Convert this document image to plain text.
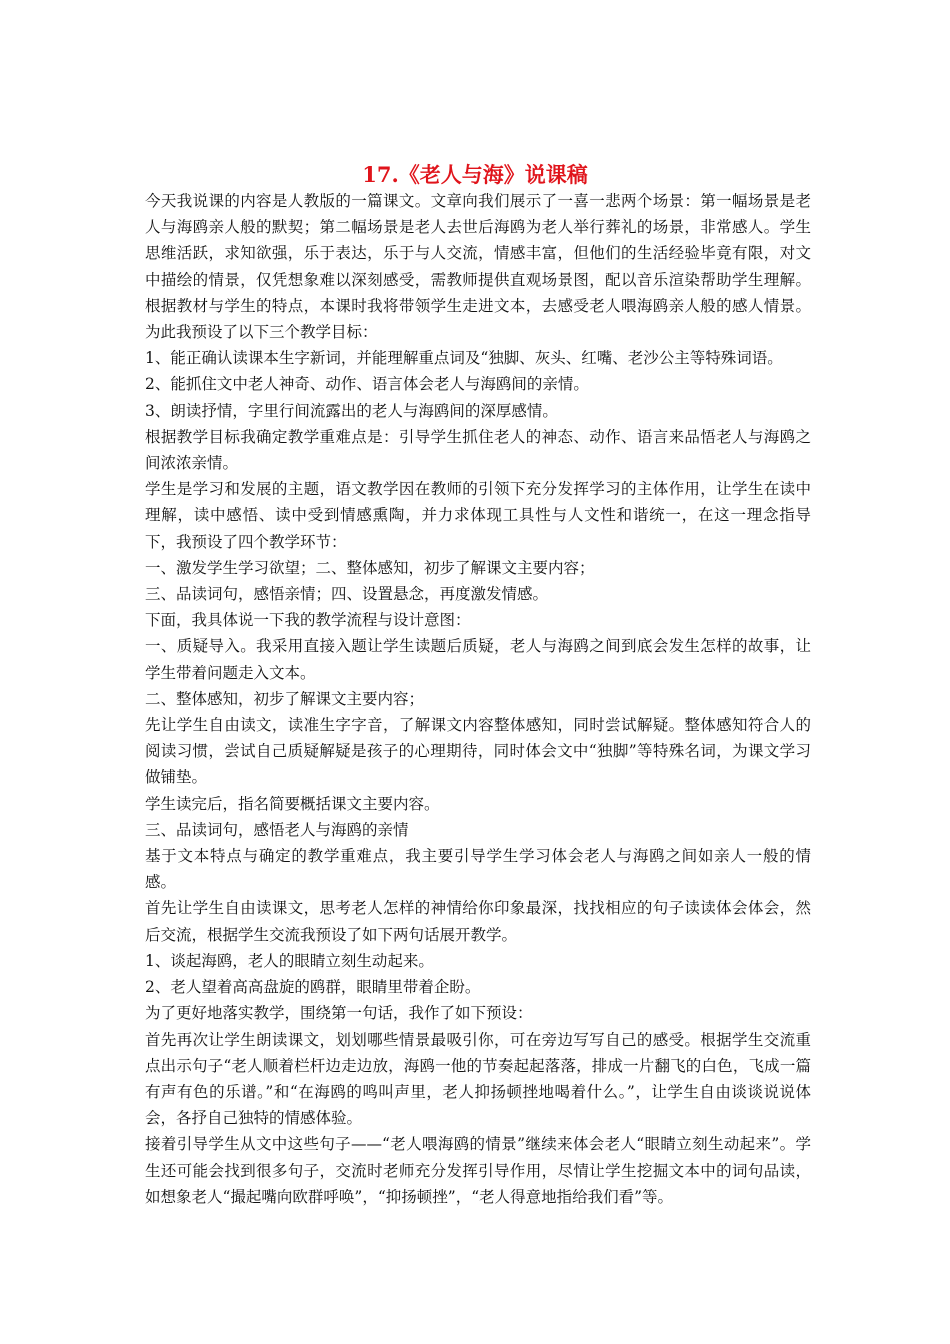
17.《老人与海》说课稿

今天我说课的内容是人教版的一篇课文。文章向我们展示了一喜一悲两个场景：第一幅场景是老人与海鸥亲人般的默契；第二幅场景是老人去世后海鸥为老人举行葬礼的场景，非常感人。学生思维活跃，求知欲强，乐于表达，乐于与人交流，情感丰富，但他们的生活经验毕竟有限，对文中描绘的情景，仅凭想象难以深刻感受，需教师提供直观场景图，配以音乐渲染帮助学生理解。根据教材与学生的特点，本课时我将带领学生走进文本，去感受老人喂海鸥亲人般的感人情景。为此我预设了以下三个教学目标：

1、能正确认读课本生字新词，并能理解重点词及“独脚、灰头、红嘴、老沙公主等特殊词语。

2、能抓住文中老人神奇、动作、语言体会老人与海鸥间的亲情。

3、朗读抒情，字里行间流露出的老人与海鸥间的深厚感情。

根据教学目标我确定教学重难点是：引导学生抓住老人的神态、动作、语言来品悟老人与海鸥之间浓浓亲情。

学生是学习和发展的主题，语文教学因在教师的引领下充分发挥学习的主体作用，让学生在读中理解，读中感悟、读中受到情感熏陶，并力求体现工具性与人文性和谐统一，在这一理念指导下，我预设了四个教学环节：

一、激发学生学习欲望；二、整体感知，初步了解课文主要内容；

三、品读词句，感悟亲情；四、设置悬念，再度激发情感。

下面，我具体说一下我的教学流程与设计意图：

一、质疑导入。我采用直接入题让学生读题后质疑，老人与海鸥之间到底会发生怎样的故事，让学生带着问题走入文本。

二、整体感知，初步了解课文主要内容；

先让学生自由读文，读准生字字音，了解课文内容整体感知，同时尝试解疑。整体感知符合人的阅读习惯，尝试自己质疑解疑是孩子的心理期待，同时体会文中“独脚”等特殊名词，为课文学习做铺垫。

学生读完后，指名简要概括课文主要内容。

三、品读词句，感悟老人与海鸥的亲情

基于文本特点与确定的教学重难点，我主要引导学生学习体会老人与海鸥之间如亲人一般的情感。

首先让学生自由读课文，思考老人怎样的神情给你印象最深，找找相应的句子读读体会体会，然后交流，根据学生交流我预设了如下两句话展开教学。

1、谈起海鸥，老人的眼睛立刻生动起来。

2、老人望着高高盘旋的鸥群，眼睛里带着企盼。

为了更好地落实教学，围绕第一句话，我作了如下预设：

首先再次让学生朗读课文，划划哪些情景最吸引你，可在旁边写写自己的感受。根据学生交流重点出示句子“老人顺着栏杆边走边放，海鸥一他的节奏起起落落，排成一片翻飞的白色，飞成一篇有声有色的乐谱。”和“在海鸥的鸣叫声里，老人抑扬顿挫地喝着什么。”，让学生自由谈谈说说体会，各抒自己独特的情感体验。

接着引导学生从文中这些句子——“老人喂海鸥的情景”继续来体会老人“眼睛立刻生动起来”。学生还可能会找到很多句子，交流时老师充分发挥引导作用，尽情让学生挖掘文本中的词句品读，如想象老人“撮起嘴向欧群呼唤”，“抑扬顿挫”，“老人得意地指给我们看”等。
